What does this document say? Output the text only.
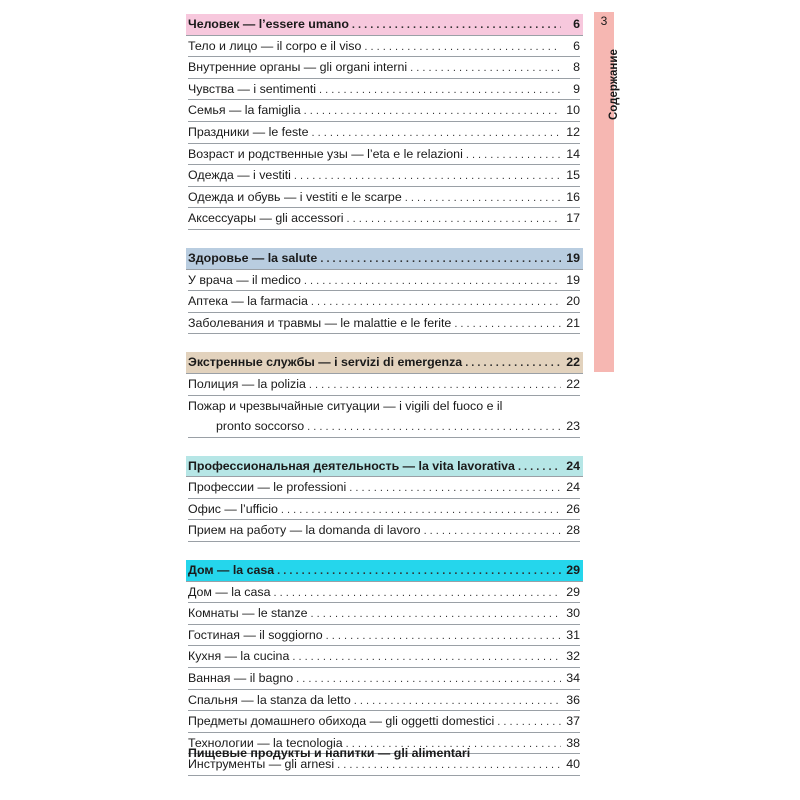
3
Содержание
Человек — l’essere umano . . .	6
Тело и лицо — il corpo e il viso . . .	6
Внутренние органы — gli organi interni . . .	8
Чувства — i sentimenti . . .	9
Семья — la famiglia . . .	10
Праздники — le feste . . .	12
Возраст и родственные узы — l’eta e le relazioni . . .	14
Одежда — i vestiti . . .	15
Одежда и обувь — i vestiti e le scarpe . . .	16
Аксессуары — gli accessori . . .	17
Здоровье — la salute . . .	19
У врача — il medico . . .	19
Аптека — la farmacia . . .	20
Заболевания и травмы — le malattie e le ferite . . .	21
Экстренные службы — i servizi di emergenza . . .	22
Полиция — la polizia . . .	22
Пожар и чрезвычайные ситуации — i vigili del fuoco e il
pronto soccorso . . .	23
Профессиональная деятельность — la vita lavorativa . . .	24
Профессии — le professioni . . .	24
Офис — l’ufficio . . .	26
Прием на работу — la domanda di lavoro . . .	28
Дом — la casa . . .	29
Дом — la casa . . .	29
Комнаты — le stanze . . .	30
Гостиная — il soggiorno . . .	31
Кухня — la cucina . . .	32
Ванная — il bagno . . .	34
Спальня — la stanza da letto . . .	36
Предметы домашнего обихода — gli oggetti domestici . . .	37
Технологии — la tecnologia . . .	38
Инструменты — gli arnesi . . .	40
Пищевые продукты и напитки — gli alimentari
